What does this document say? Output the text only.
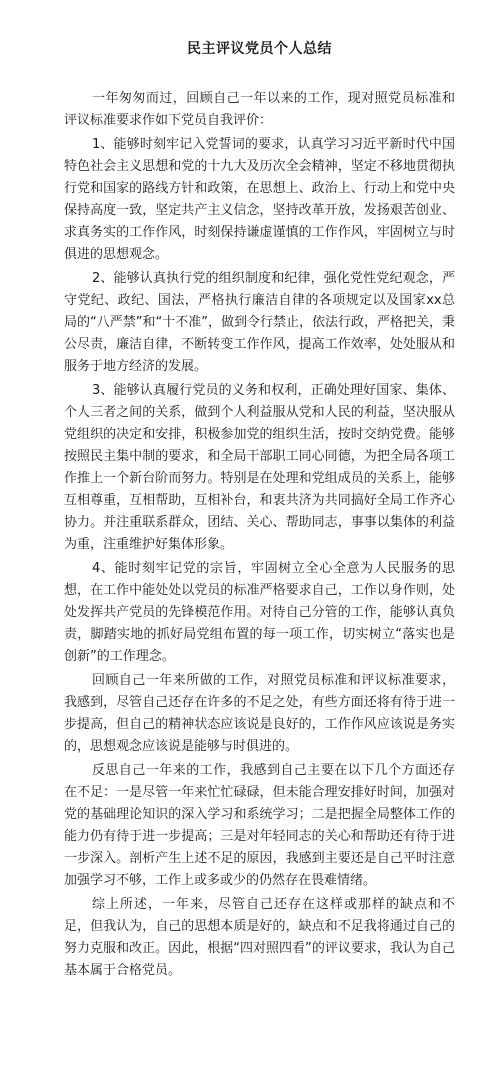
民主评议党员个人总结

一年匆匆而过，回顾自己一年以来的工作，现对照党员标准和评议标准要求作如下党员自我评价：

1、能够时刻牢记入党誓词的要求，认真学习习近平新时代中国特色社会主义思想和党的十九大及历次全会精神，坚定不移地贯彻执行党和国家的路线方针和政策，在思想上、政治上、行动上和党中央保持高度一致，坚定共产主义信念，坚持改革开放，发扬艰苦创业、求真务实的工作作风，时刻保持谦虚谨慎的工作作风，牢固树立与时俱进的思想观念。

2、能够认真执行党的组织制度和纪律，强化党性党纪观念，严守党纪、政纪、国法，严格执行廉洁自律的各项规定以及国家xx总局的“八严禁”和“十不准”，做到令行禁止，依法行政，严格把关，秉公尽责，廉洁自律，不断转变工作作风，提高工作效率，处处服从和服务于地方经济的发展。

3、能够认真履行党员的义务和权利，正确处理好国家、集体、个人三者之间的关系，做到个人利益服从党和人民的利益，坚决服从党组织的决定和安排，积极参加党的组织生活，按时交纳党费。能够按照民主集中制的要求，和全局干部职工同心同德，为把全局各项工作推上一个新台阶而努力。特别是在处理和党组成员的关系上，能够互相尊重，互相帮助，互相补台，和衷共济为共同搞好全局工作齐心协力。并注重联系群众，团结、关心、帮助同志，事事以集体的利益为重，注重维护好集体形象。

4、能时刻牢记党的宗旨，牢固树立全心全意为人民服务的思想，在工作中能处处以党员的标准严格要求自己，工作以身作则，处处发挥共产党员的先锋模范作用。对待自己分管的工作，能够认真负责，脚踏实地的抓好局党组布置的每一项工作，切实树立“落实也是创新”的工作理念。

回顾自己一年来所做的工作，对照党员标准和评议标准要求，我感到，尽管自己还存在许多的不足之处，有些方面还将有待于进一步提高，但自己的精神状态应该说是良好的，工作作风应该说是务实的，思想观念应该说是能够与时俱进的。

反思自己一年来的工作，我感到自己主要在以下几个方面还存在不足：一是尽管一年来忙忙碌碌，但未能合理安排好时间，加强对党的基础理论知识的深入学习和系统学习；二是把握全局整体工作的能力仍有待于进一步提高；三是对年轻同志的关心和帮助还有待于进一步深入。剖析产生上述不足的原因，我感到主要还是自己平时注意加强学习不够，工作上或多或少的仍然存在畏难情绪。

综上所述，一年来，尽管自己还存在这样或那样的缺点和不足，但我认为，自己的思想本质是好的，缺点和不足我将通过自己的努力克服和改正。因此，根据“四对照四看”的评议要求，我认为自己基本属于合格党员。
